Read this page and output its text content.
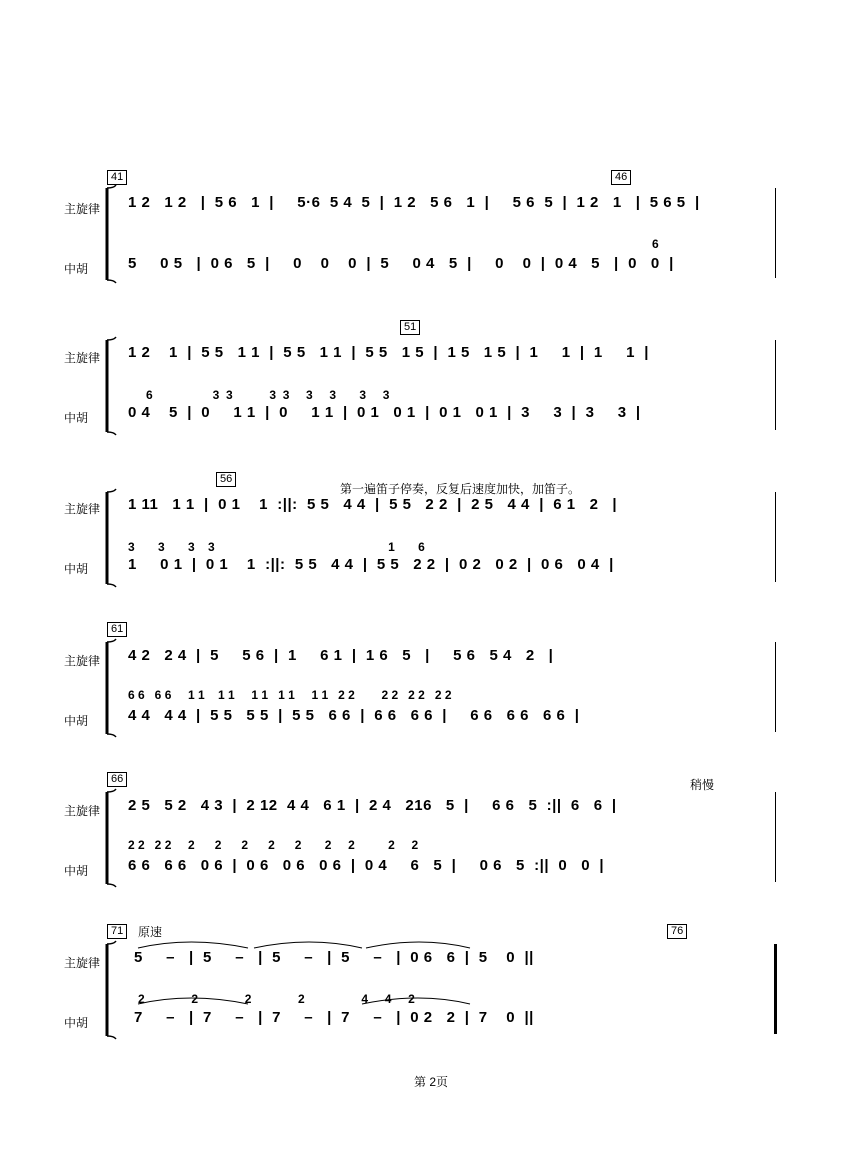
41	46
主旋律
中胡
1 2   1 2   |  5 6   1  |     5·6  5 4  5  |  1 2   5 6   1  |     5 6  5  |  1 2   1   |  5 6 5  |
5     0 5   |  0 6   5  |     0    0    0  |  5     0 4   5  |     0    0  |  0 4   5   |  0   0  |
6
51
主旋律
中胡
1 2    1  |  5 5   1 1  |  5 5   1 1  |  5 5   1 5  |  1 5   1 5  |  1     1  |  1     1  |
6                  3  3           3  3     3     3       3     3
0 4    5  |  0     1 1  |  0     1 1  |  0 1   0 1  |  0 1   0 1  |  3     3  |  3     3  |
56
第一遍笛子停奏，反复后速度加快，加笛子。
主旋律
中胡
1 11   1 1  |  0 1    1  :||:  5 5   4 4  |  5 5   2 2  |  2 5   4 4  |  6 1   2   |
3       3       3    3                                                    1       6
1     0 1  |  0 1    1  :||:  5 5   4 4  |  5 5   2 2  |  0 2   0 2  |  0 6   0 4  |
61
主旋律
中胡
4 2   2 4  |  5     5 6  |  1     6 1  |  1 6   5   |     5 6   5 4   2   |
6 6   6 6     1 1    1 1     1 1   1 1     1 1   2 2        2 2   2 2   2 2
4 4   4 4  |  5 5   5 5  |  5 5   6 6  |  6 6   6 6  |     6 6   6 6   6 6  |
66	稍慢
主旋律
中胡
2 5   5 2   4 3  |  2 12  4 4   6 1  |  2 4   216   5  |     6 6   5  :||  6   6  |
2 2   2 2     2      2      2      2      2       2     2          2     2
6 6   6 6   0 6  |  0 6   0 6   0 6  |  0 4     6   5  |     0 6   5  :||  0   0  |
71	原速	76
主旋律
中胡
5     –   |  5     –   |  5     –   |  5     –   |  0 6   6  |  5    0  ||
2              2              2              2                 4     4     2
7     –   |  7     –   |  7     –   |  7     –   |  0 2   2  |  7    0  ||
第 2页
